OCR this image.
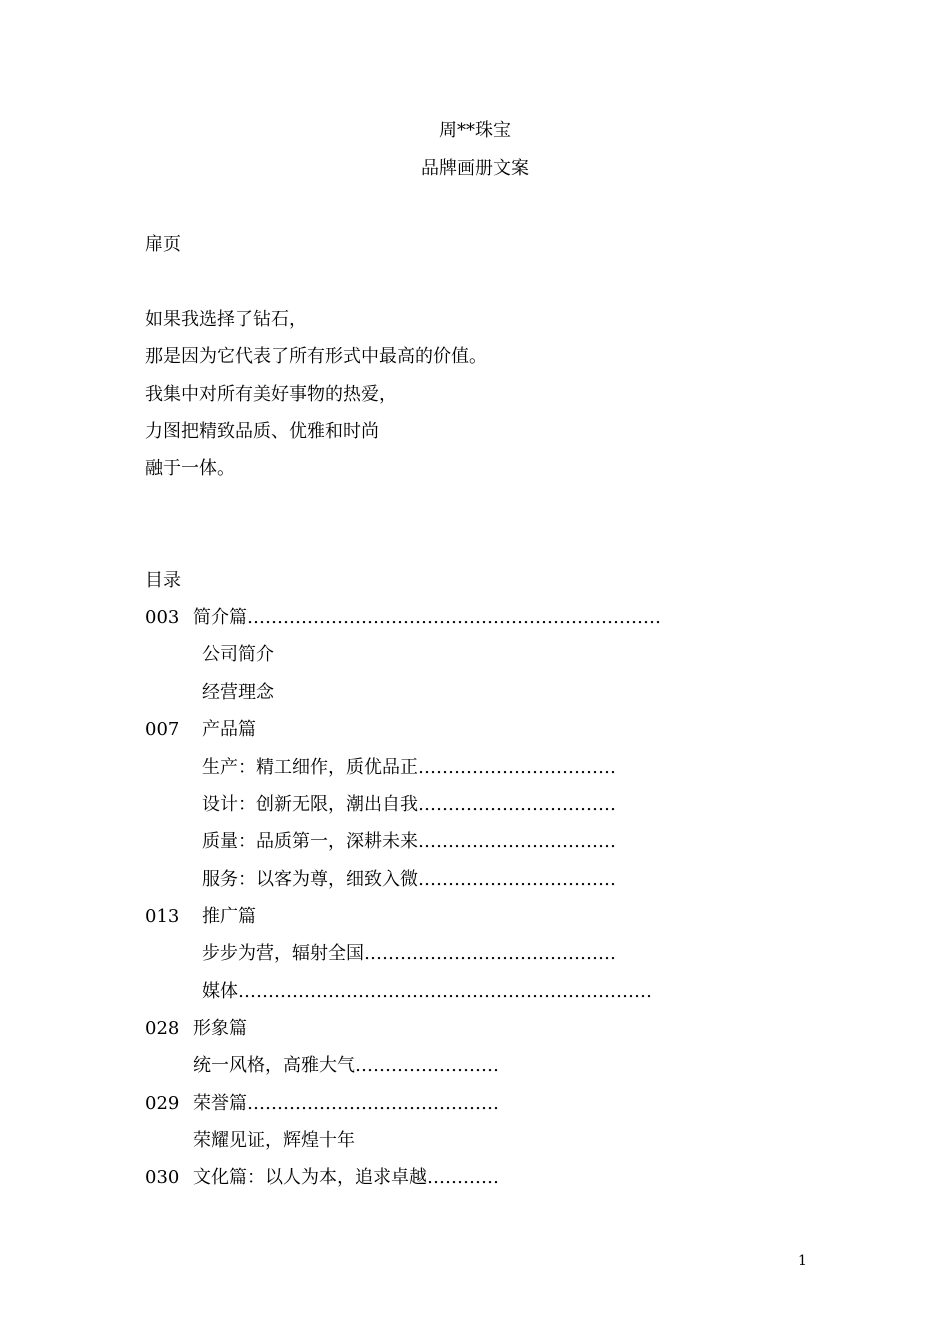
周**珠宝
品牌画册文案
扉页
如果我选择了钻石，
那是因为它代表了所有形式中最高的价值。
我集中对所有美好事物的热爱，
力图把精致品质、优雅和时尚
融于一体。
目录
003 简介篇……………………………………………………………
公司简介
经营理念
007 产品篇
生产：精工细作，质优品正……………………………
设计：创新无限，潮出自我……………………………
质量：品质第一，深耕未来……………………………
服务：以客为尊，细致入微……………………………
013 推广篇
步步为营，辐射全国……………………………………
媒体……………………………………………………………
028 形象篇
统一风格，高雅大气……………………
029 荣誉篇……………………………………
荣耀见证，辉煌十年
030 文化篇：以人为本，追求卓越…………
1
